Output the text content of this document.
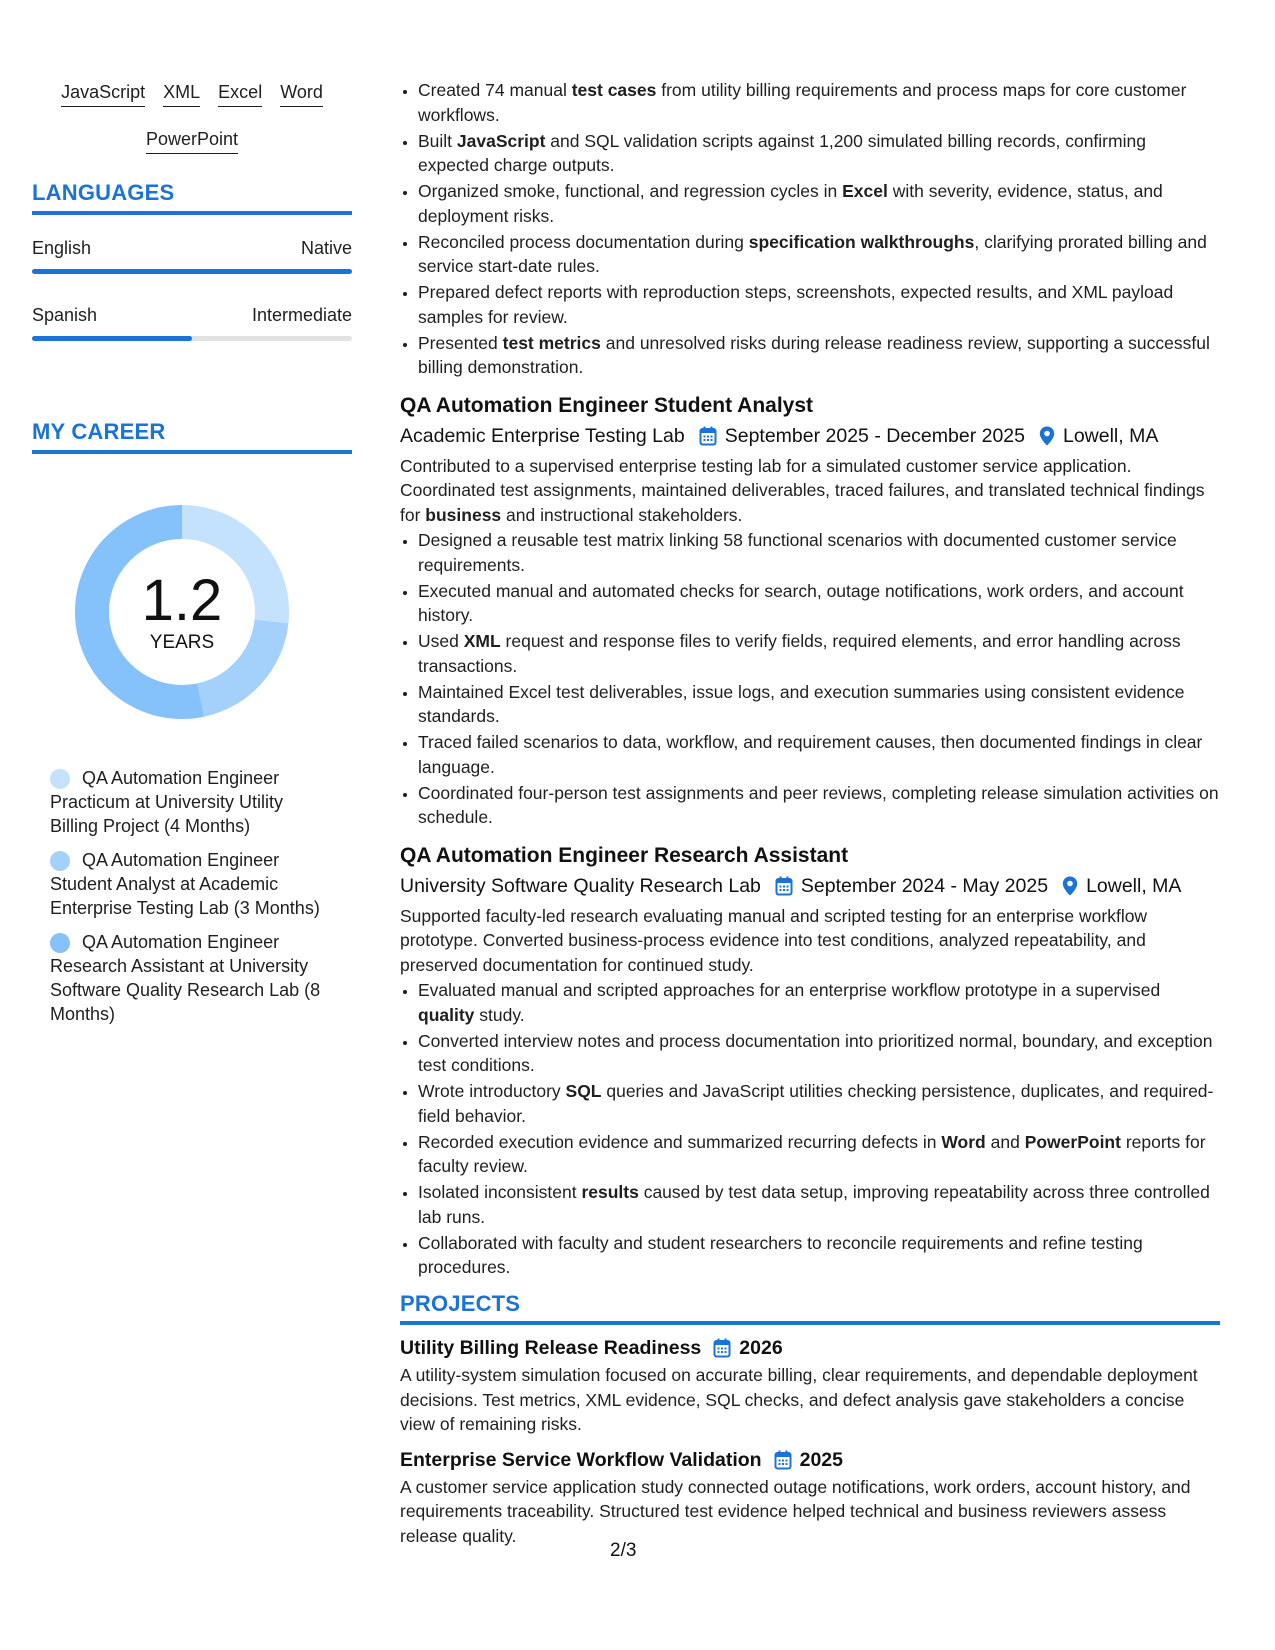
JavaScript XML Excel Word
PowerPoint
LANGUAGES
English	Native
Spanish	Intermediate
MY CAREER
1.2
YEARS
QA Automation Engineer Practicum at University Utility Billing Project (4 Months)
QA Automation Engineer Student Analyst at Academic Enterprise Testing Lab (3 Months)
QA Automation Engineer Research Assistant at University Software Quality Research Lab (8 Months)
• Created 74 manual test cases from utility billing requirements and process maps for core customer workflows.
• Built JavaScript and SQL validation scripts against 1,200 simulated billing records, confirming expected charge outputs.
• Organized smoke, functional, and regression cycles in Excel with severity, evidence, status, and deployment risks.
• Reconciled process documentation during specification walkthroughs, clarifying prorated billing and service start-date rules.
• Prepared defect reports with reproduction steps, screenshots, expected results, and XML payload samples for review.
• Presented test metrics and unresolved risks during release readiness review, supporting a successful billing demonstration.
QA Automation Engineer Student Analyst
Academic Enterprise Testing Lab September 2025 - December 2025 Lowell, MA
Contributed to a supervised enterprise testing lab for a simulated customer service application. Coordinated test assignments, maintained deliverables, traced failures, and translated technical findings for business and instructional stakeholders.
• Designed a reusable test matrix linking 58 functional scenarios with documented customer service requirements.
• Executed manual and automated checks for search, outage notifications, work orders, and account history.
• Used XML request and response files to verify fields, required elements, and error handling across transactions.
• Maintained Excel test deliverables, issue logs, and execution summaries using consistent evidence standards.
• Traced failed scenarios to data, workflow, and requirement causes, then documented findings in clear language.
• Coordinated four-person test assignments and peer reviews, completing release simulation activities on schedule.
QA Automation Engineer Research Assistant
University Software Quality Research Lab September 2024 - May 2025 Lowell, MA
Supported faculty-led research evaluating manual and scripted testing for an enterprise workflow prototype. Converted business-process evidence into test conditions, analyzed repeatability, and preserved documentation for continued study.
• Evaluated manual and scripted approaches for an enterprise workflow prototype in a supervised quality study.
• Converted interview notes and process documentation into prioritized normal, boundary, and exception test conditions.
• Wrote introductory SQL queries and JavaScript utilities checking persistence, duplicates, and required-field behavior.
• Recorded execution evidence and summarized recurring defects in Word and PowerPoint reports for faculty review.
• Isolated inconsistent results caused by test data setup, improving repeatability across three controlled lab runs.
• Collaborated with faculty and student researchers to reconcile requirements and refine testing procedures.
PROJECTS
Utility Billing Release Readiness 2026
A utility-system simulation focused on accurate billing, clear requirements, and dependable deployment decisions. Test metrics, XML evidence, SQL checks, and defect analysis gave stakeholders a concise view of remaining risks.
Enterprise Service Workflow Validation 2025
A customer service application study connected outage notifications, work orders, account history, and requirements traceability. Structured test evidence helped technical and business reviewers assess release quality.
2/3
